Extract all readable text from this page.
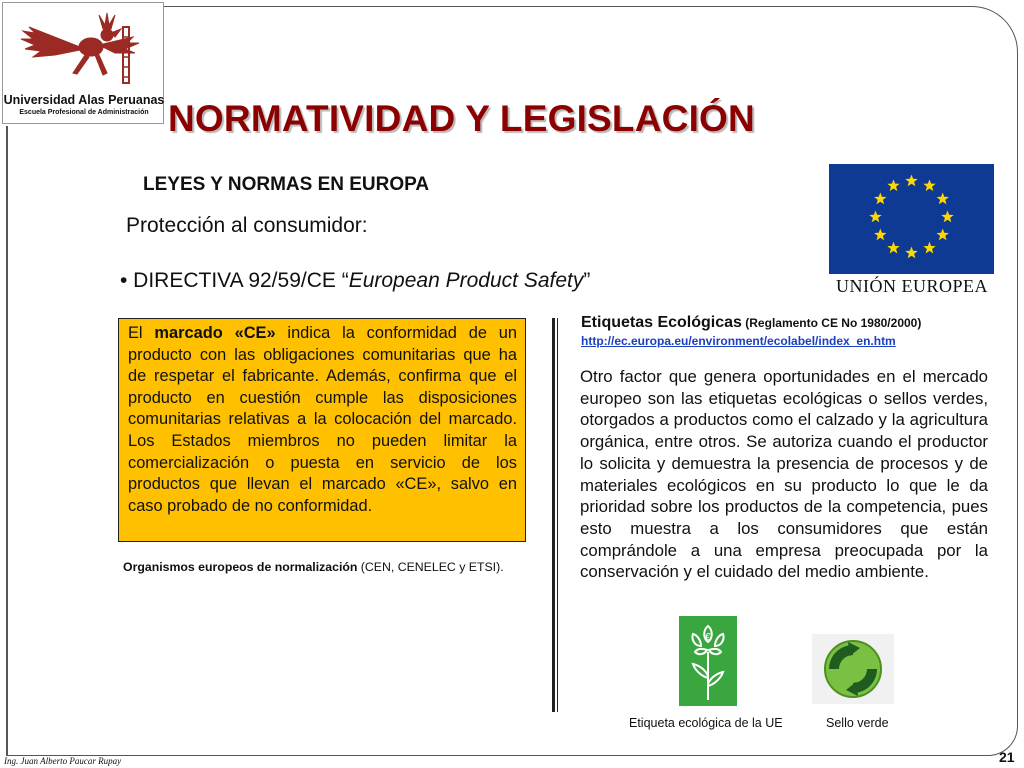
Universidad Alas Peruanas
Escuela Profesional de Administración NORMATIVIDAD Y LEGISLACIÓN
LEYES Y NORMAS EN EUROPA
Protección al consumidor:
• DIRECTIVA 92/59/CE “European Product Safety”	UNIÓN EUROPEA
El marcado «CE» indica la conformidad de un producto con las obligaciones comunitarias que ha de respetar el fabricante. Además, confirma que el producto en cuestión cumple las disposiciones comunitarias relativas a la colocación del marcado. Los Estados miembros no pueden limitar la comercialización o puesta en servicio de los productos que llevan el marcado «CE», salvo en caso probado de no conformidad.
Organismos europeos de normalización (CEN, CENELEC y ETSI).
Etiquetas Ecológicas (Reglamento CE No 1980/2000)
http://ec.europa.eu/environment/ecolabel/index_en.htm
Otro factor que genera oportunidades en el mercado europeo son las etiquetas ecológicas o sellos verdes, otorgados a productos como el calzado y la agricultura orgánica, entre otros. Se autoriza cuando el productor lo solicita y demuestra la presencia de procesos y de materiales ecológicos en su producto lo que le da prioridad sobre los productos de la competencia, pues esto muestra a los consumidores que están comprándole a una empresa preocupada por la conservación y el cuidado del medio ambiente.
€
Etiqueta ecológica de la UE	Sello verde
Ing. Juan Alberto Paucar Rupay	21
